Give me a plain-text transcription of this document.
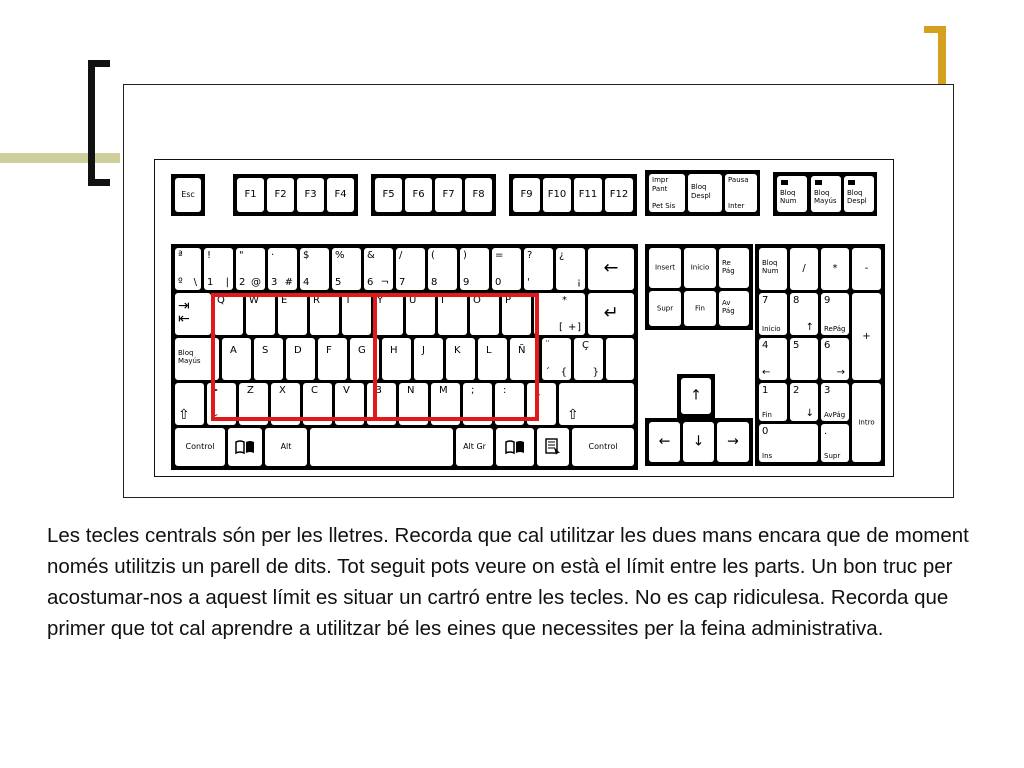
Esc	F1	F2	F3	F4	F5	F6	F7	F8	F9	F10	F11	F12
Impr
Pant
Pet Sis
Bloq
Despl
Pausa
Inter
Bloq
Num
Bloq
Mayús
Bloq
Despl
ª
º \
!
1 |
"
2 @
·
3 #
$
4
%
5
&
6 ¬
/
7
(
8
)
9
=
0
?
'
¿
¡
←
⇥
⇤
Q W E	R	T	Y	U I	O P	*
[ + ]
↵
Bloq
Mayús
A	S	D F	G H J	K	L	Ñ ¨
´ {
Ç
}
⇧
>
<
Z	X	C	V	B	N M ;
,
:
.
_
- ⇧
Control	Alt	Alt Gr	Control
Insert	Inicio
Re
Pág
Supr	Fin
Av
Pág
↑
←	↓	→
Bloq
Num	/	*	-
7
Inicio
8
↑
9
RePág
+
4
←
5 6
→
1
Fin
2
↓
3
AvPág
Intro
0
Ins
.
Supr
Les tecles centrals són per les lletres. Recorda que cal utilitzar les dues mans encara que de moment només utilitzis un parell de dits. Tot seguit pots veure on està el límit entre les parts. Un bon truc per acostumar-nos a aquest límit es situar un cartró entre les tecles. No es cap ridiculesa. Recorda que primer que tot cal aprendre a utilitzar bé les eines que necessites per la feina administrativa.
